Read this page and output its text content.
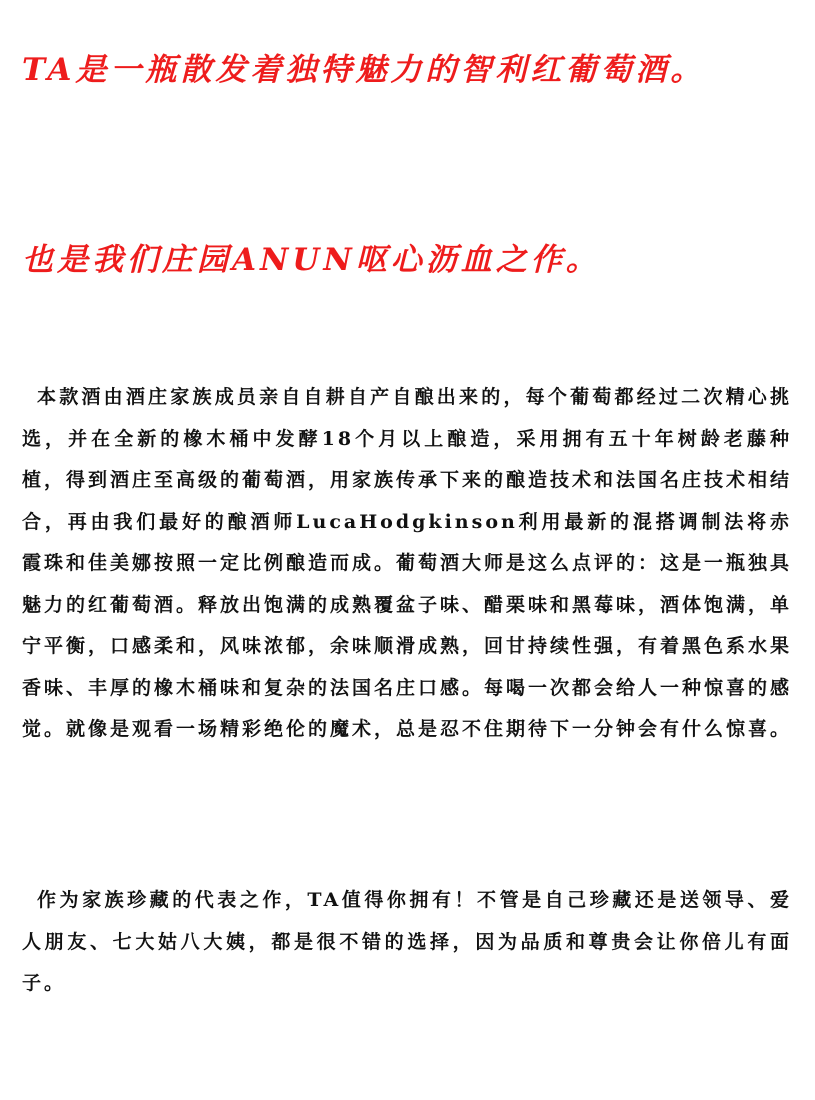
TA是一瓶散发着独特魅力的智利红葡萄酒。
也是我们庄园ANUN呕心沥血之作。

本款酒由酒庄家族成员亲自自耕自产自酿出来的，每个葡萄都经过二次精心挑选，并在全新的橡木桶中发酵18个月以上酿造，采用拥有五十年树龄老藤种植，得到酒庄至高级的葡萄酒，用家族传承下来的酿造技术和法国名庄技术相结合，再由我们最好的酿酒师LucaHodgkinson利用最新的混搭调制法将赤霞珠和佳美娜按照一定比例酿造而成。葡萄酒大师是这么点评的：这是一瓶独具魅力的红葡萄酒。释放出饱满的成熟覆盆子味、醋栗味和黑莓味，酒体饱满，单宁平衡，口感柔和，风味浓郁，余味顺滑成熟，回甘持续性强，有着黑色系水果香味、丰厚的橡木桶味和复杂的法国名庄口感。每喝一次都会给人一种惊喜的感觉。就像是观看一场精彩绝伦的魔术，总是忍不住期待下一分钟会有什么惊喜。

作为家族珍藏的代表之作，TA值得你拥有！不管是自己珍藏还是送领导、爱人朋友、七大姑八大姨，都是很不错的选择，因为品质和尊贵会让你倍儿有面子。
